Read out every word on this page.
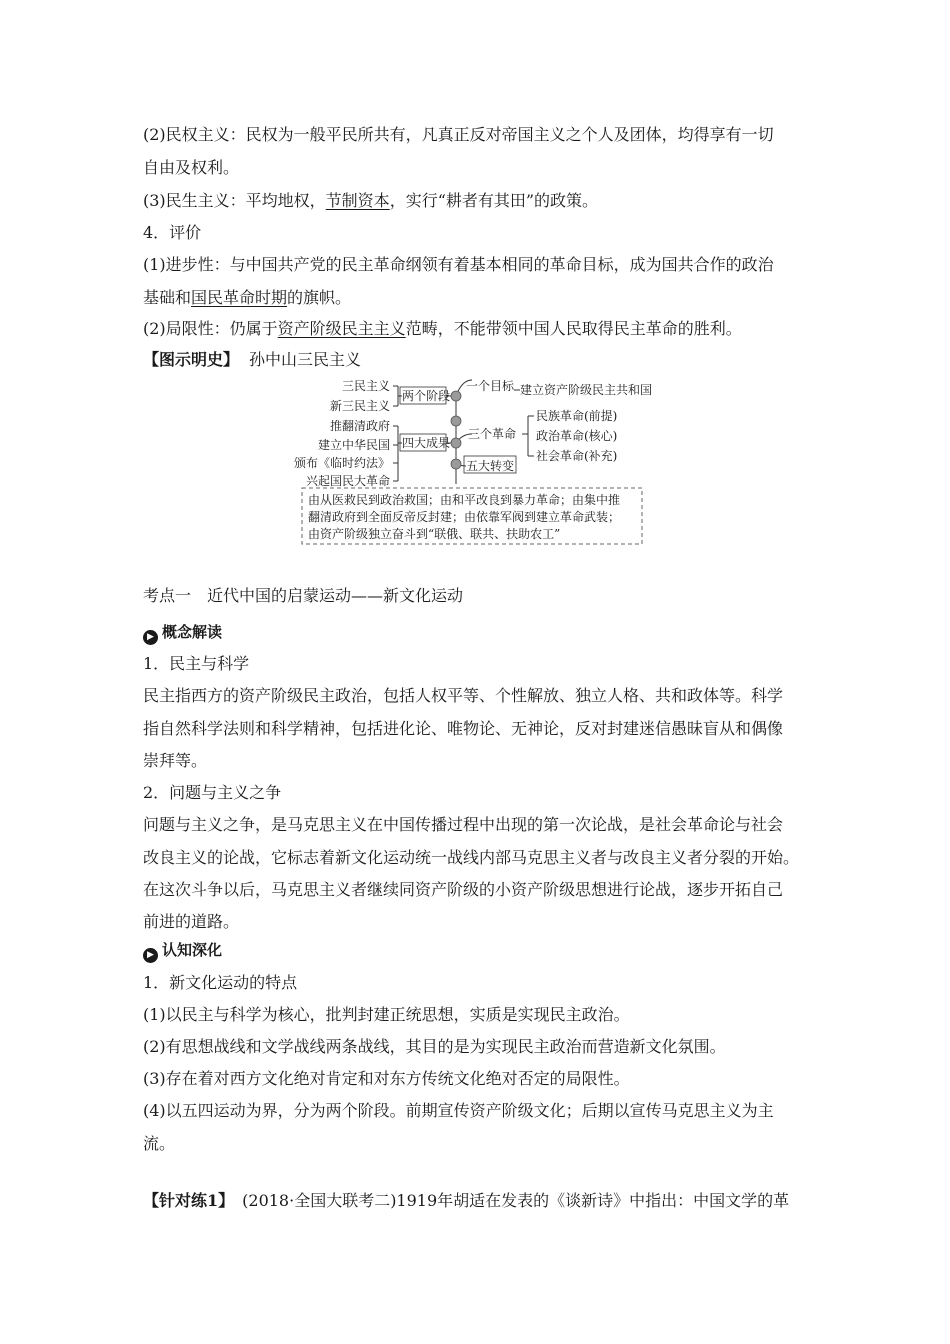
(2)民权主义：民权为一般平民所共有，凡真正反对帝国主义之个人及团体，均得享有一切
自由及权利。
(3)民生主义：平均地权，节制资本，实行“耕者有其田”的政策。
4．评价
(1)进步性：与中国共产党的民主革命纲领有着基本相同的革命目标，成为国共合作的政治
基础和国民革命时期的旗帜。
(2)局限性：仍属于资产阶级民主主义范畴，不能带领中国人民取得民主革命的胜利。
【图示明史】 孙中山三民主义
三民主义
新三民主义
推翻清政府
建立中华民国
颁布《临时约法》
兴起国民大革命
两个阶段
四大成果
一个目标
三个革命
五大转变
建立资产阶级民主共和国
民族革命(前提)
政治革命(核心)
社会革命(补充)
由从医救民到政治救国；由和平改良到暴力革命；由集中推
翻清政府到全面反帝反封建；由依靠军阀到建立革命武装；
由资产阶级独立奋斗到“联俄、联共、扶助农工”
考点一　近代中国的启蒙运动——新文化运动
▶ 概念解读
1．民主与科学
民主指西方的资产阶级民主政治，包括人权平等、个性解放、独立人格、共和政体等。科学
指自然科学法则和科学精神，包括进化论、唯物论、无神论，反对封建迷信愚昧盲从和偶像
崇拜等。
2．问题与主义之争
问题与主义之争，是马克思主义在中国传播过程中出现的第一次论战，是社会革命论与社会
改良主义的论战，它标志着新文化运动统一战线内部马克思主义者与改良主义者分裂的开始。
在这次斗争以后，马克思主义者继续同资产阶级的小资产阶级思想进行论战，逐步开拓自己
前进的道路。
▶ 认知深化
1．新文化运动的特点
(1)以民主与科学为核心，批判封建正统思想，实质是实现民主政治。
(2)有思想战线和文学战线两条战线，其目的是为实现民主政治而营造新文化氛围。
(3)存在着对西方文化绝对肯定和对东方传统文化绝对否定的局限性。
(4)以五四运动为界，分为两个阶段。前期宣传资产阶级文化；后期以宣传马克思主义为主
流。
【针对练1】 (2018·全国大联考二)1919年胡适在发表的《谈新诗》中指出：中国文学的革
